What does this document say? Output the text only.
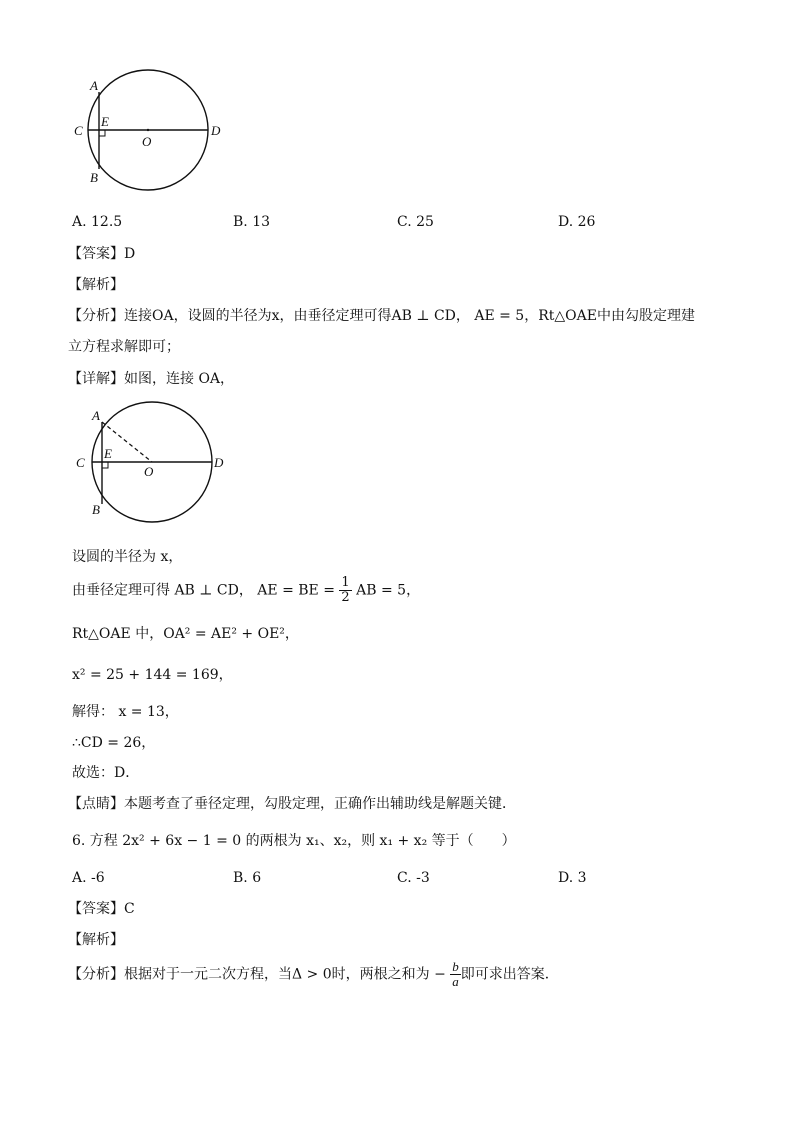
A
C
E
O
D
B
A. 12.5	B. 13	C. 25	D. 26
【答案】D
【解析】
【分析】连接OA，设圆的半径为x，由垂径定理可得AB ⊥ CD， AE = 5，Rt△OAE中由勾股定理建
立方程求解即可；
【详解】如图，连接 OA，
A
C
E
O
D
B
设圆的半径为 x，
由垂径定理可得 AB ⊥ CD， AE = BE = $\frac{1}{2}$ AB = 5，
Rt△OAE 中，OA² = AE² + OE²，
x² = 25 + 144 = 169，
解得： x = 13，
∴CD = 26，
故选：D．
【点睛】本题考查了垂径定理，勾股定理，正确作出辅助线是解题关键．
6. 方程 2x² + 6x − 1 = 0 的两根为 x₁、x₂，则 x₁ + x₂ 等于（　　）
A. -6	B. 6	C. -3	D. 3
【答案】C
【解析】
【分析】根据对于一元二次方程，当Δ > 0时，两根之和为 − $\frac{b}{a}$ 即可求出答案．
